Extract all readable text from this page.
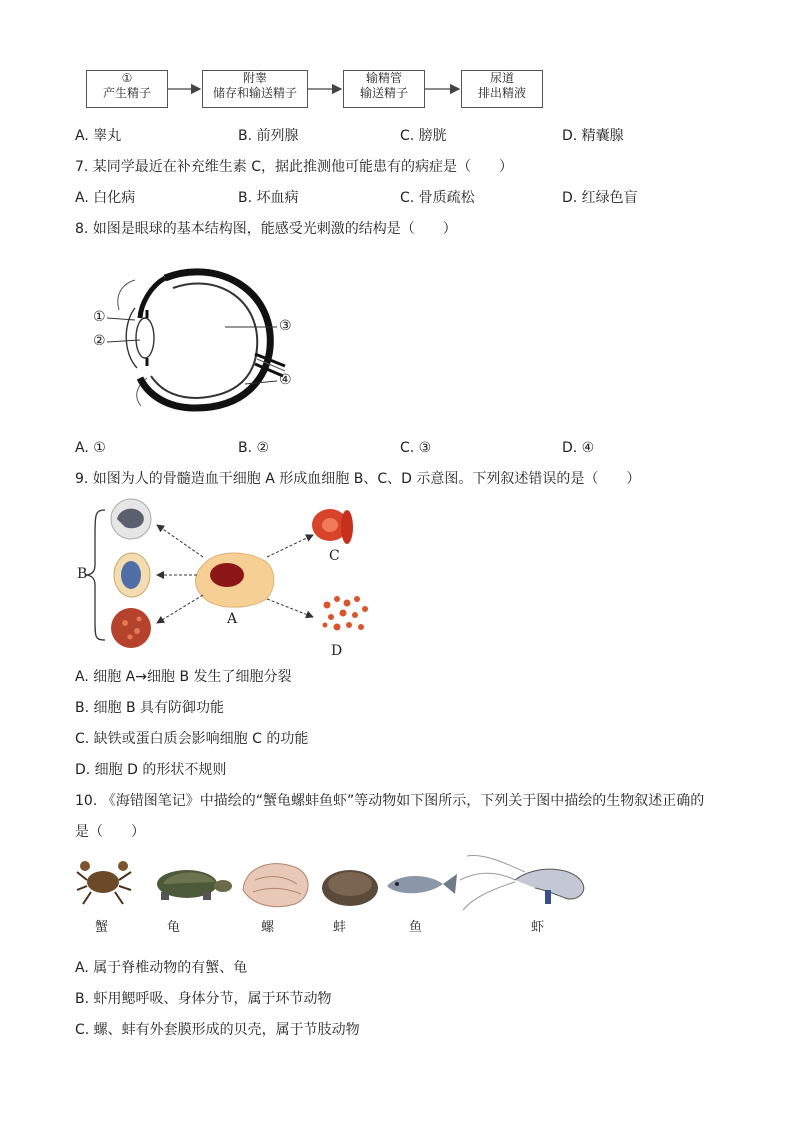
①
产生精子
附睾
储存和输送精子
输精管
输送精子
尿道
排出精液
A. 睾丸	B. 前列腺	C. 膀胱	D. 精囊腺
7. 某同学最近在补充维生素 C，据此推测他可能患有的病症是（　　）
A. 白化病	B. 坏血病	C. 骨质疏松	D. 红绿色盲
8. 如图是眼球的基本结构图，能感受光刺激的结构是（　　）
①
②
③
④
A. ①	B. ②	C. ③	D. ④
9. 如图为人的骨髓造血干细胞 A 形成血细胞 B、C、D 示意图。下列叙述错误的是（　　）
B
A
C
D
A. 细胞 A→细胞 B 发生了细胞分裂
B. 细胞 B 具有防御功能
C. 缺铁或蛋白质会影响细胞 C 的功能
D. 细胞 D 的形状不规则
10. 《海错图笔记》中描绘的“蟹龟螺蚌鱼虾”等动物如下图所示，下列关于图中描绘的生物叙述正确的
是（　　）
蟹	龟	螺	蚌	鱼	虾
A. 属于脊椎动物的有蟹、龟
B. 虾用鳃呼吸、身体分节，属于环节动物
C. 螺、蚌有外套膜形成的贝壳，属于节肢动物
